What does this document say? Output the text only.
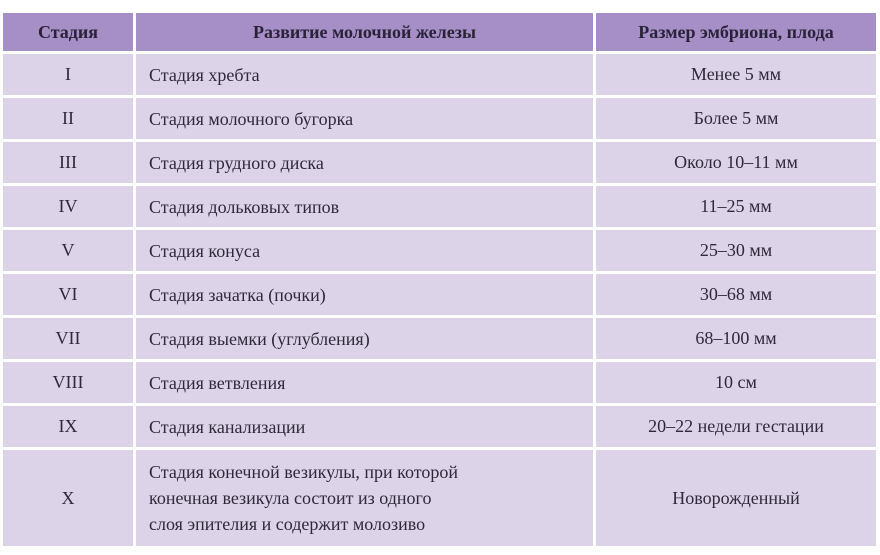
Стадия	Развитие молочной железы	Размер эмбриона, плода
I	Стадия хребта	Менее 5 мм
II	Стадия молочного бугорка	Более 5 мм
III	Стадия грудного диска	Около 10–11 мм
IV	Стадия дольковых типов	11–25 мм
V	Стадия конуса	25–30 мм
VI	Стадия зачатка (почки)	30–68 мм
VII	Стадия выемки (углубления)	68–100 мм
VIII	Стадия ветвления	10 см
IX	Стадия канализации	20–22 недели гестации
X	Стадия конечной везикулы, при которой
конечная везикула состоит из одного
слоя эпителия и содержит молозиво	Новорожденный
